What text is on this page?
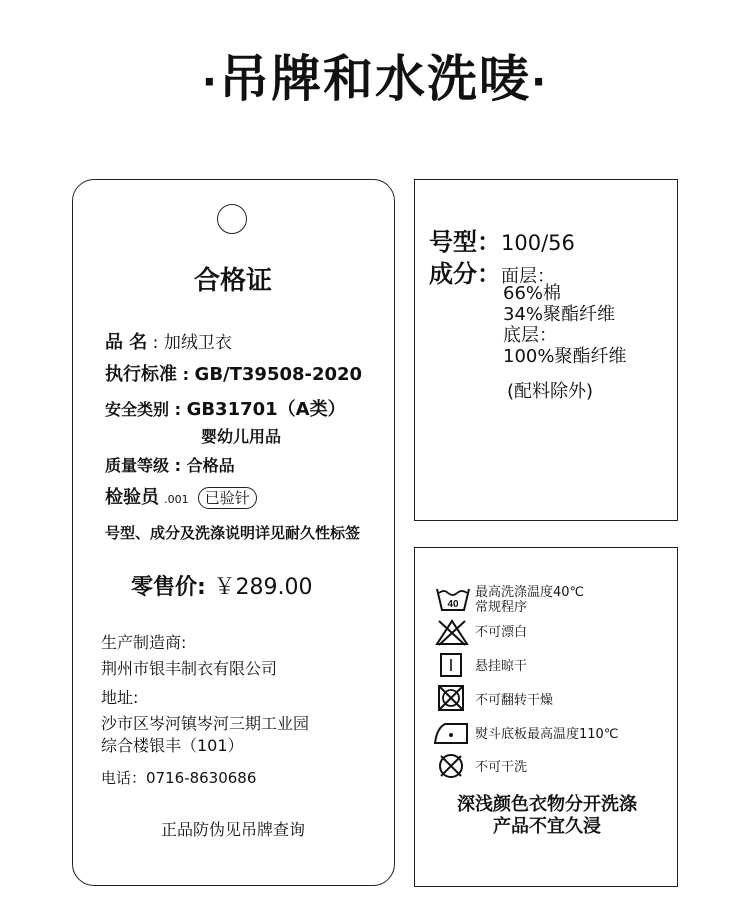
·吊牌和水洗唛·
合格证
品 名 : 加绒卫衣
执行标准 : GB/T39508-2020
安全类别 : GB31701（A类）
婴幼儿用品
质量等级 : 合格品
检验员 .001 已验针
号型、成分及洗涤说明详见耐久性标签
零售价: ￥289.00
生产制造商:
荆州市银丰制衣有限公司
地址:
沙市区岑河镇岑河三期工业园
综合楼银丰（101）
电话：0716-8630686
正品防伪见吊牌查询
号型：100/56
成分：面层：
66%棉
34%聚酯纤维
底层：
100%聚酯纤维
(配料除外)
40
最高洗涤温度40℃
常规程序
不可漂白
悬挂晾干
不可翻转干燥
熨斗底板最高温度110℃
不可干洗
深浅颜色衣物分开洗涤
产品不宜久浸
